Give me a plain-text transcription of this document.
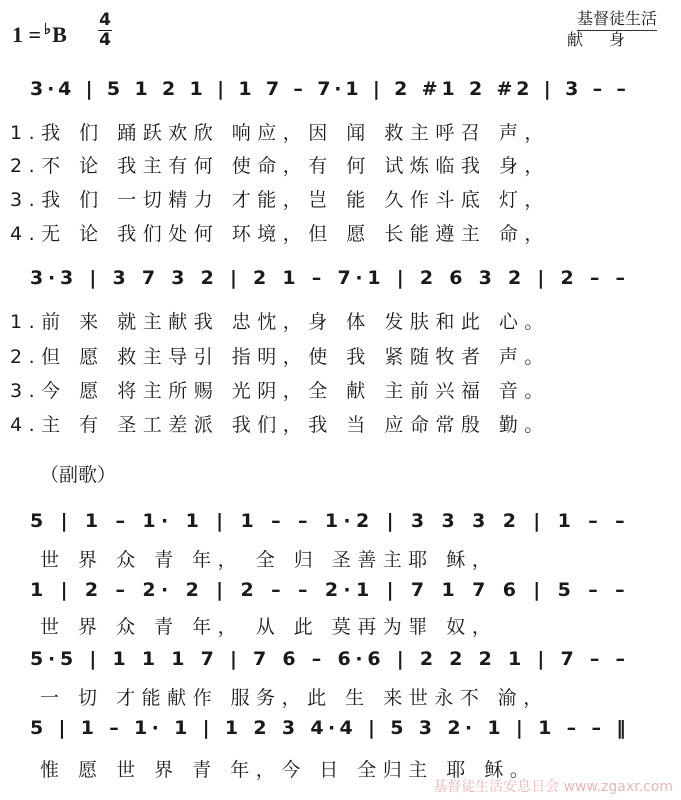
1 = ♭B
4
4
基督徒生活
献身
3·4 | 5 1 2 1 | 1 7 – 7·1 | 2 #1 2 #2 | 3 – –
1.我 们 踊跃欢欣 响应，因 闻 救主呼召 声，
2.不 论 我主有何 使命，有 何 试炼临我 身，
3.我 们 一切精力 才能，岂 能 久作斗底 灯，
4.无 论 我们处何 环境，但 愿 长能遵主 命，
3·3 | 3 7 3 2 | 2 1 – 7·1 | 2 6 3 2 | 2 – –
1.前 来 就主献我 忠忱，身 体 发肤和此 心。
2.但 愿 救主导引 指明，使 我 紧随牧者 声。
3.今 愿 将主所赐 光阴，全 献 主前兴福 音。
4.主 有 圣工差派 我们，我 当 应命常殷 勤。
（副歌）
5 | 1 – 1· 1 | 1 – – 1·2 | 3 3 3 2 | 1 – –
世 界 众 青 年， 全 归 圣善主耶 稣，
1 | 2 – 2· 2 | 2 – – 2·1 | 7 1 7 6 | 5 – –
世 界 众 青 年， 从 此 莫再为罪 奴，
5·5 | 1 1 1 7 | 7 6 – 6·6 | 2 2 2 1 | 7 – –
一 切 才能献作 服务，此 生 来世永不 渝，
5 | 1 – 1· 1 | 1 2 3 4·4 | 5 3 2· 1 | 1 – – ‖
惟 愿 世 界 青 年，今 日 全归主 耶 稣。
基督徒生活安息日会 www.zgaxr.com
